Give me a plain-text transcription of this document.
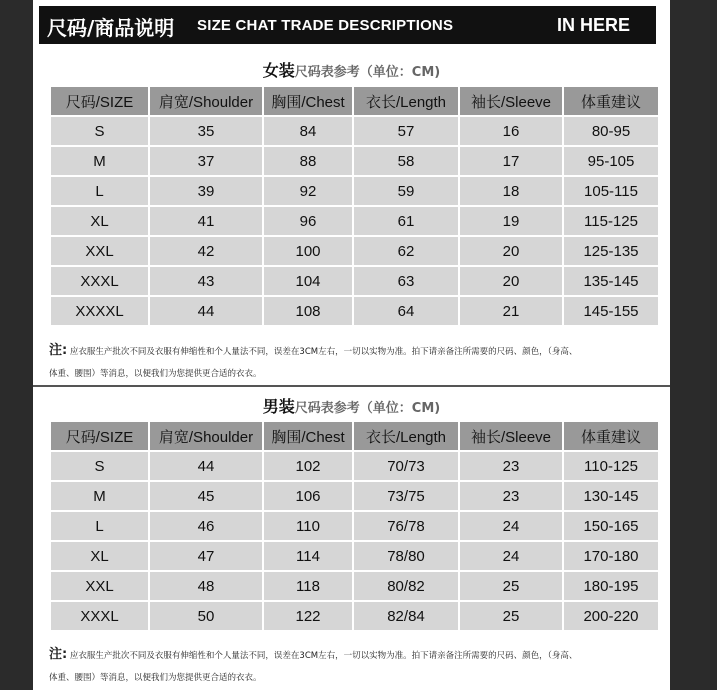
尺码/商品说明 SIZE CHAT TRADE DESCRIPTIONS	IN HERE
女装尺码表参考（单位：CM)
尺码/SIZE	肩宽/Shoulder	胸围/Chest	衣长/Length	袖长/Sleeve	体重建议
S	35	84	57	16	80-95
M	37	88	58	17	95-105
L	39	92	59	18	105-115
XL	41	96	61	19	115-125
XXL	42	100	62	20	125-135
XXXL	43	104	63	20	135-145
XXXXL	44	108	64	21	145-155
注: 应衣服生产批次不同及衣服有伸缩性和个人量法不同，误差在3CM左右，一切以实物为准。拍下请亲备注所需要的尺码、颜色，（身高、
体重、腰围）等消息，以便我们为您提供更合适的衣衣。
男装尺码表参考（单位：CM)
尺码/SIZE	肩宽/Shoulder	胸围/Chest	衣长/Length	袖长/Sleeve	体重建议
S	44	102	70/73	23	110-125
M	45	106	73/75	23	130-145
L	46	110	76/78	24	150-165
XL	47	114	78/80	24	170-180
XXL	48	118	80/82	25	180-195
XXXL	50	122	82/84	25	200-220
注: 应衣服生产批次不同及衣服有伸缩性和个人量法不同，误差在3CM左右，一切以实物为准。拍下请亲备注所需要的尺码、颜色，（身高、
体重、腰围）等消息，以便我们为您提供更合适的衣衣。
